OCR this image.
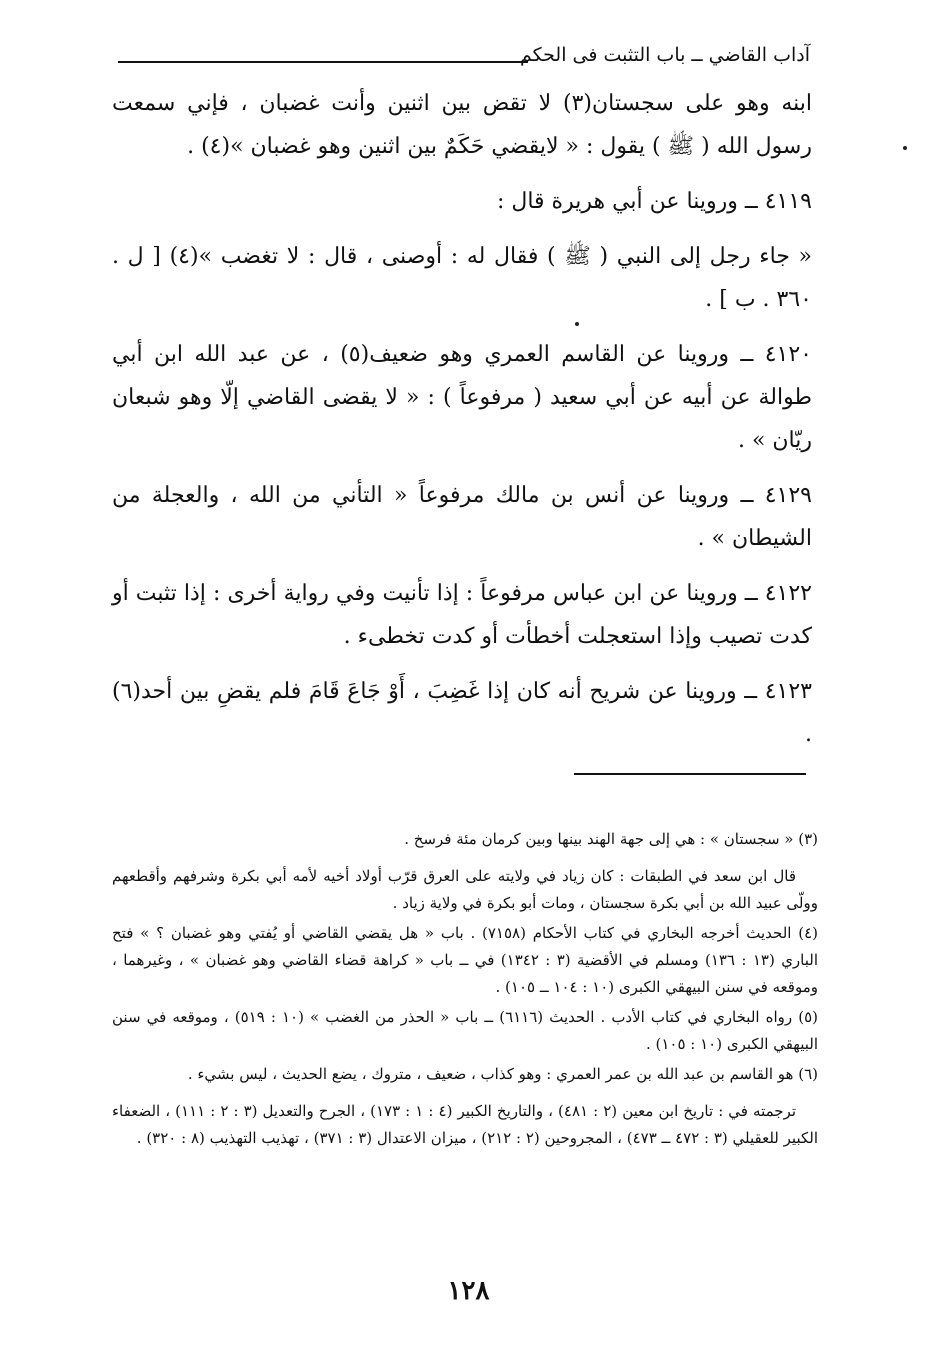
آداب القاضي ــ باب التثبت فى الحكم

ابنه وهو على سجستان(٣) لا تقض بين اثنين وأنت غضبان ، فإني سمعت رسول الله ( ﷺ ) يقول : « لايقضي حَكَمٌ بين اثنين وهو غضبان »(٤) .

٤١١٩ ــ وروينا عن أبي هريرة قال :

« جاء رجل إلى النبي ( ﷺ ) فقال له : أوصنى ، قال : لا تغضب »(٤) [ ل . ٣٦٠ . ب ] .

٤١٢٠ ــ وروينا عن القاسم العمري وهو ضعيف(٥) ، عن عبد الله ابن أبي طوالة عن أبيه عن أبي سعيد ( مرفوعاً ) : « لا يقضى القاضي إلّا وهو شبعان ريّان » .

٤١٢٩ ــ وروينا عن أنس بن مالك مرفوعاً « التأني من الله ، والعجلة من الشيطان » .

٤١٢٢ ــ وروينا عن ابن عباس مرفوعاً : إذا تأنيت وفي رواية أخرى : إذا تثبت أو كدت تصيب وإذا استعجلت أخطأت أو كدت تخطىء .

٤١٢٣ ــ وروينا عن شريح أنه كان إذا غَضِبَ ، أَوْ جَاعَ قَامَ فلم يقضِ بين أحد(٦) .

(٣) « سجستان » : هي إلى جهة الهند بينها وبين كرمان مئة فرسخ .

قال ابن سعد في الطبقات : كان زياد في ولايته على العرق قرّب أولاد أخيه لأمه أبي بكرة وشرفهم وأقطعهم وولّى عبيد الله بن أبي بكرة سجستان ، ومات أبو بكرة في ولاية زياد .

(٤) الحديث أخرجه البخاري في كتاب الأحكام (٧١٥٨) . باب « هل يقضي القاضي أو يُفتي وهو غضبان ؟ » فتح الباري (١٣ : ١٣٦) ومسلم في الأقضية (٣ : ١٣٤٢) في ــ باب « كراهة قضاء القاضي وهو غضبان » ، وغيرهما ، وموقعه في سنن البيهقي الكبرى (١٠ : ١٠٤ ــ ١٠٥) .

(٥) رواه البخاري في كتاب الأدب . الحديث (٦١١٦) ــ باب « الحذر من الغضب » (١٠ : ٥١٩) ، وموقعه في سنن البيهقي الكبرى (١٠ : ١٠٥) .

(٦) هو القاسم بن عبد الله بن عمر العمري : وهو كذاب ، ضعيف ، متروك ، يضع الحديث ، ليس بشيء .

ترجمته في : تاريخ ابن معين (٢ : ٤٨١) ، والتاريخ الكبير (٤ : ١ : ١٧٣) ، الجرح والتعديل (٣ : ٢ : ١١١) ، الضعفاء الكبير للعقيلي (٣ : ٤٧٢ ــ ٤٧٣) ، المجروحين (٢ : ٢١٢) ، ميزان الاعتدال (٣ : ٣٧١) ، تهذيب التهذيب (٨ : ٣٢٠) .

١٢٨
